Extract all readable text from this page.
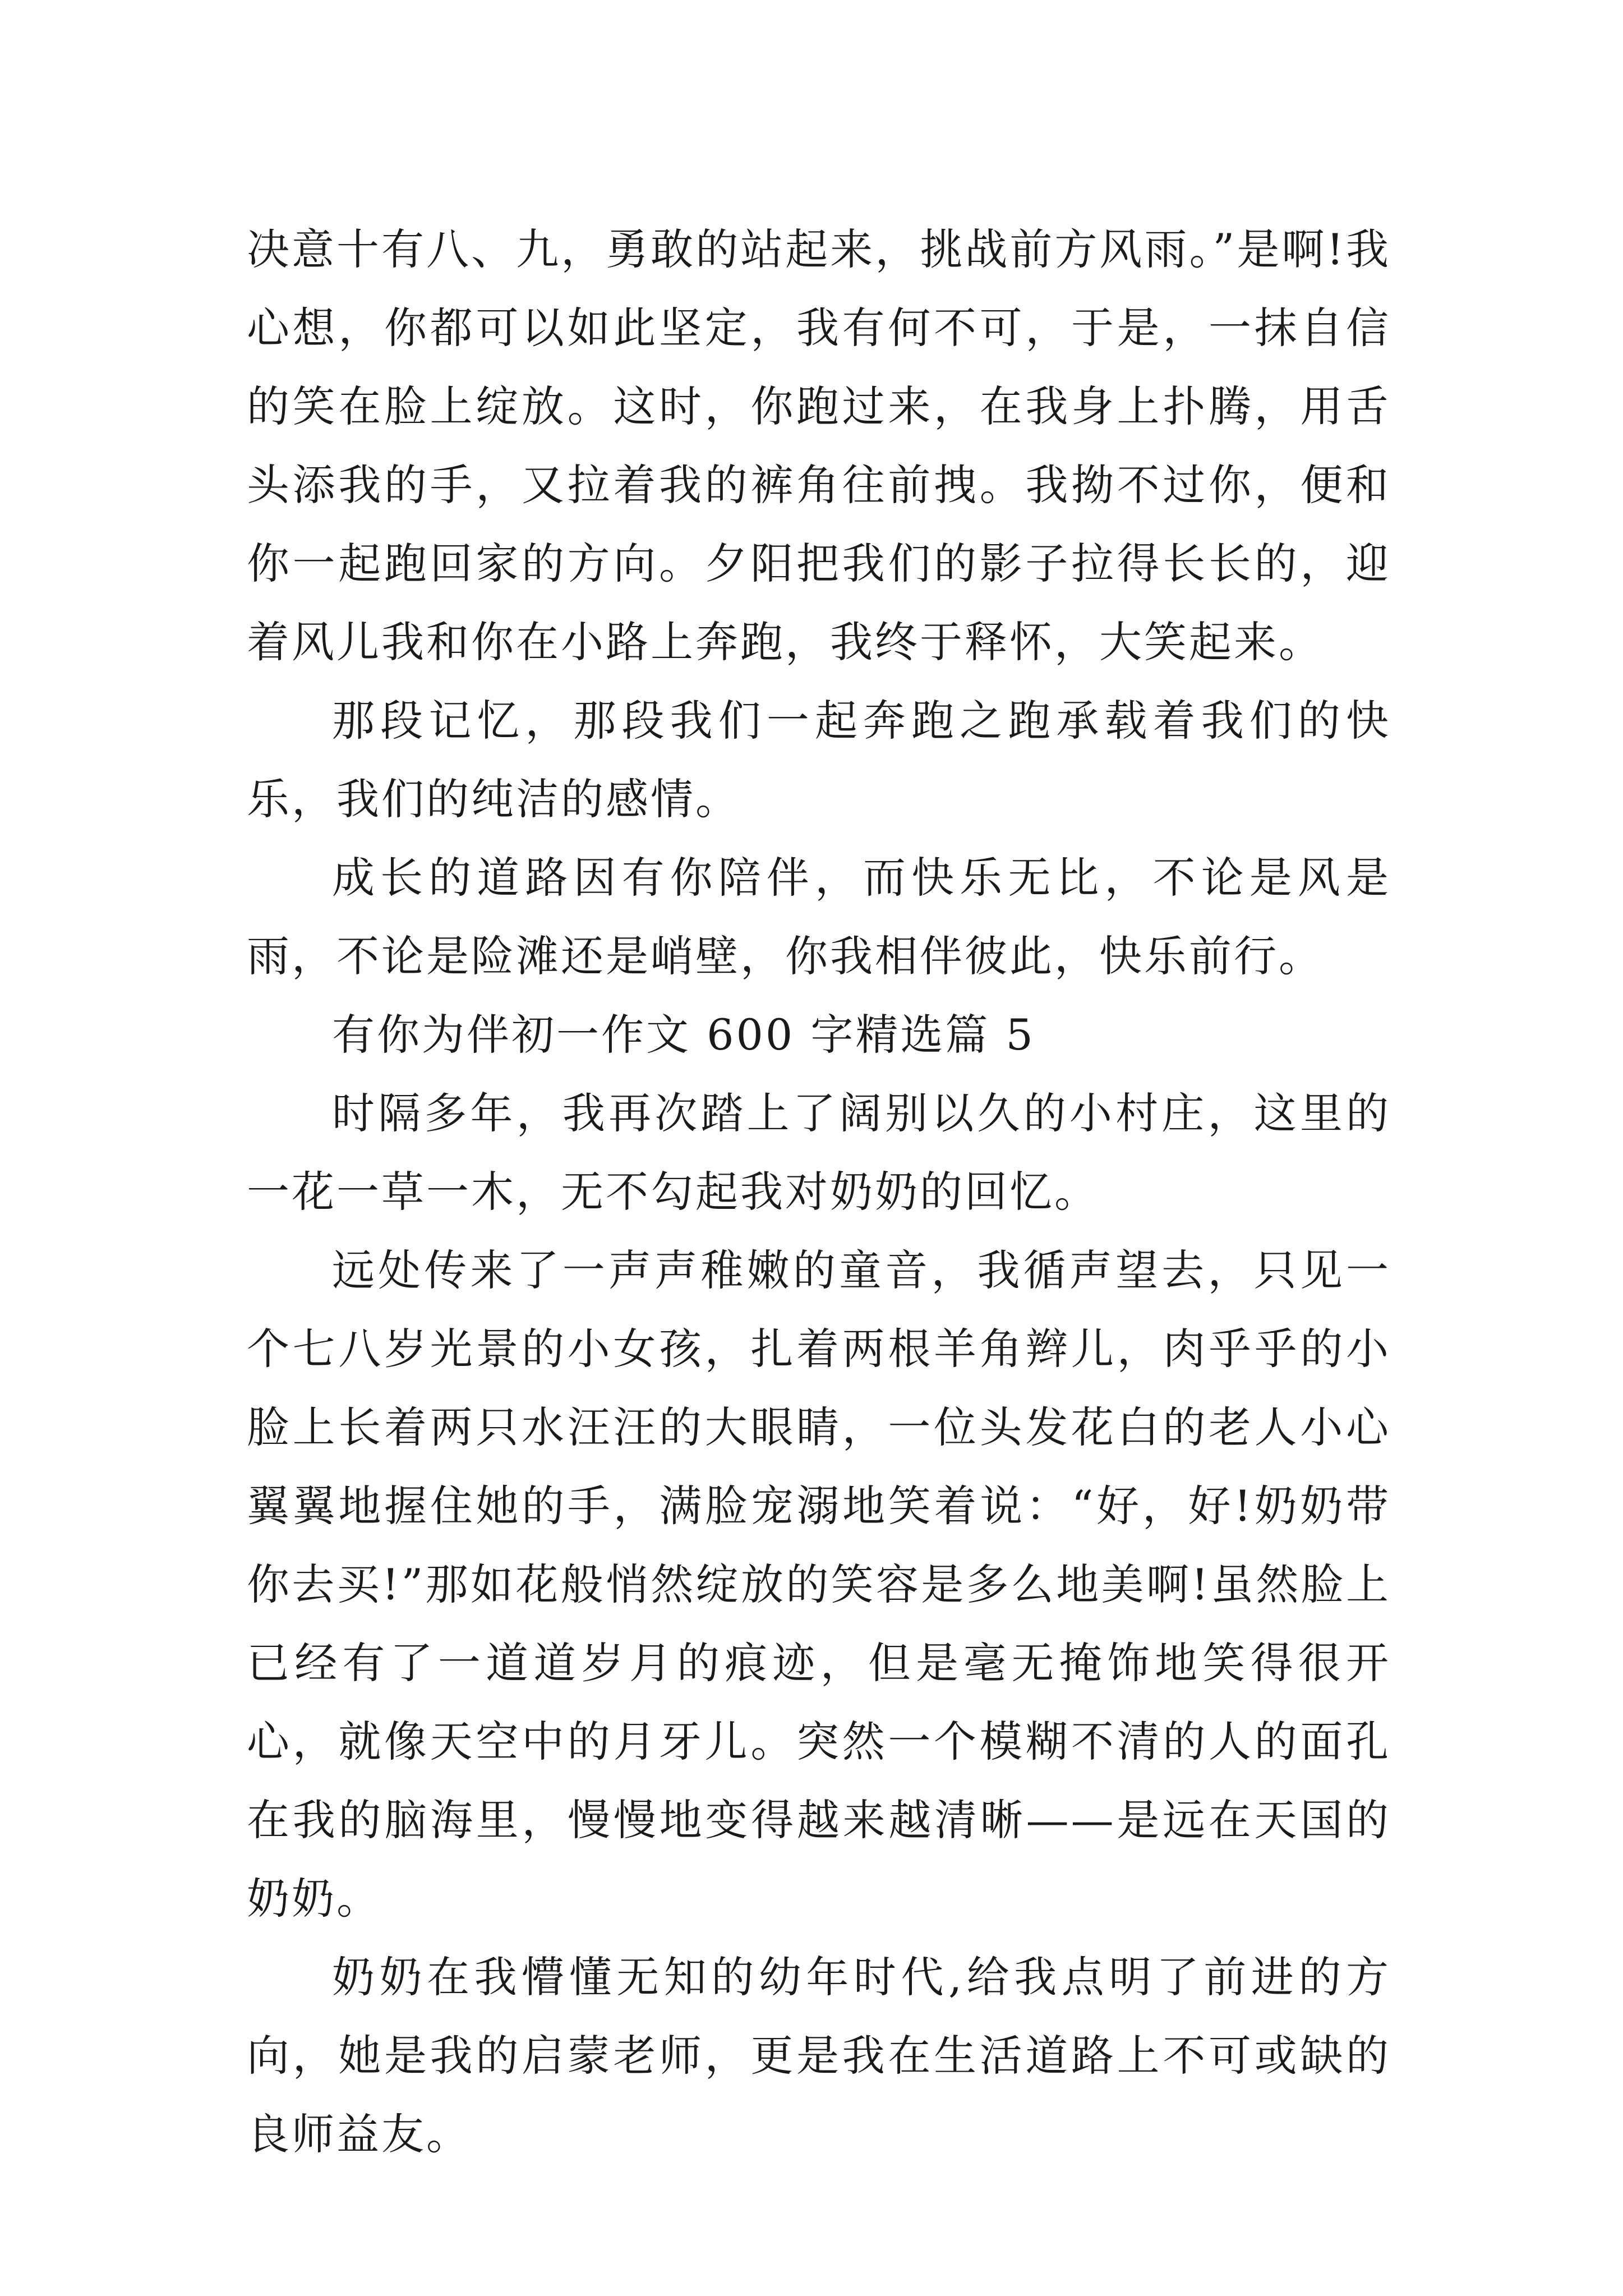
决意十有八、九，勇敢的站起来，挑战前方风雨。”是啊!我心想，你都可以如此坚定，我有何不可，于是，一抹自信的笑在脸上绽放。这时，你跑过来，在我身上扑腾，用舌头添我的手，又拉着我的裤角往前拽。我拗不过你，便和你一起跑回家的方向。夕阳把我们的影子拉得长长的，迎着风儿我和你在小路上奔跑，我终于释怀，大笑起来。

那段记忆，那段我们一起奔跑之跑承载着我们的快乐，我们的纯洁的感情。

成长的道路因有你陪伴，而快乐无比，不论是风是雨，不论是险滩还是峭壁，你我相伴彼此，快乐前行。

有你为伴初一作文 600 字精选篇 5

时隔多年，我再次踏上了阔别以久的小村庄，这里的一花一草一木，无不勾起我对奶奶的回忆。

远处传来了一声声稚嫩的童音，我循声望去，只见一个七八岁光景的小女孩，扎着两根羊角辫儿，肉乎乎的小脸上长着两只水汪汪的大眼睛，一位头发花白的老人小心翼翼地握住她的手，满脸宠溺地笑着说：“好，好!奶奶带你去买!”那如花般悄然绽放的笑容是多么地美啊!虽然脸上已经有了一道道岁月的痕迹，但是毫无掩饰地笑得很开心，就像天空中的月牙儿。突然一个模糊不清的人的面孔在我的脑海里，慢慢地变得越来越清晰——是远在天国的奶奶。

奶奶在我懵懂无知的幼年时代,给我点明了前进的方向，她是我的启蒙老师，更是我在生活道路上不可或缺的良师益友。
